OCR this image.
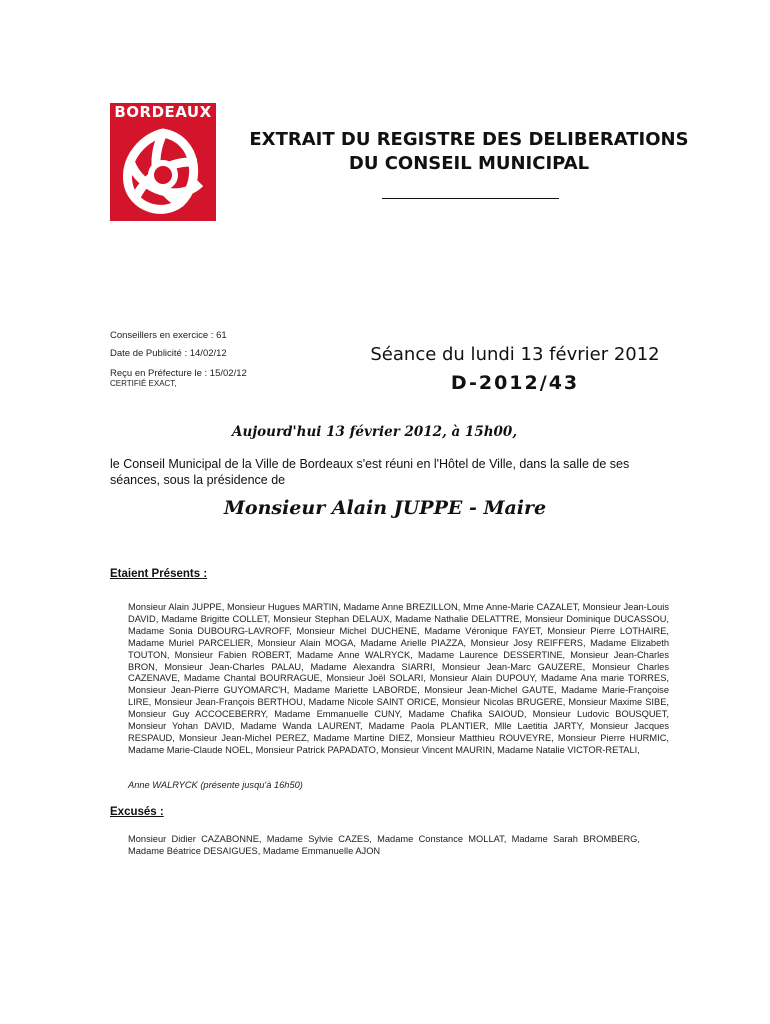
BORDEAUX
EXTRAIT DU REGISTRE DES DELIBERATIONS
DU CONSEIL MUNICIPAL
Conseillers en exercice : 61
Date de Publicité : 14/02/12
Reçu en Préfecture le : 15/02/12
CERTIFIÉ EXACT,
Séance du lundi 13 février 2012
D-2012/43
Aujourd'hui 13 février 2012, à 15h00,
le Conseil Municipal de la Ville de Bordeaux s'est réuni en l'Hôtel de Ville, dans la salle de ses séances, sous la présidence de
Monsieur Alain JUPPE - Maire
Etaient Présents :
Monsieur Alain JUPPE, Monsieur Hugues MARTIN, Madame Anne BREZILLON, Mme Anne-Marie CAZALET, Monsieur Jean-Louis DAVID, Madame Brigitte COLLET, Monsieur Stephan DELAUX, Madame Nathalie DELATTRE, Monsieur Dominique DUCASSOU, Madame Sonia DUBOURG-LAVROFF, Monsieur Michel DUCHENE, Madame Véronique FAYET, Monsieur Pierre LOTHAIRE, Madame Muriel PARCELIER, Monsieur Alain MOGA, Madame Arielle PIAZZA, Monsieur Josy REIFFERS, Madame Elizabeth TOUTON, Monsieur Fabien ROBERT, Madame Anne WALRYCK, Madame Laurence DESSERTINE, Monsieur Jean-Charles BRON, Monsieur Jean-Charles PALAU, Madame Alexandra SIARRI, Monsieur Jean-Marc GAUZERE, Monsieur Charles CAZENAVE, Madame Chantal BOURRAGUE, Monsieur Joël SOLARI, Monsieur Alain DUPOUY, Madame Ana marie TORRES, Monsieur Jean-Pierre GUYOMARC'H, Madame Mariette LABORDE, Monsieur Jean-Michel GAUTE, Madame Marie-Françoise LIRE, Monsieur Jean-François BERTHOU, Madame Nicole SAINT ORICE, Monsieur Nicolas BRUGERE, Monsieur Maxime SIBE, Monsieur Guy ACCOCEBERRY, Madame Emmanuelle CUNY, Madame Chafika SAIOUD, Monsieur Ludovic BOUSQUET, Monsieur Yohan DAVID, Madame Wanda LAURENT, Madame Paola PLANTIER, Mlle Laetitia JARTY, Monsieur Jacques RESPAUD, Monsieur Jean-Michel PEREZ, Madame Martine DIEZ, Monsieur Matthieu ROUVEYRE, Monsieur Pierre HURMIC, Madame Marie-Claude NOEL, Monsieur Patrick PAPADATO, Monsieur Vincent MAURIN, Madame Natalie VICTOR-RETALI,
Anne WALRYCK (présente jusqu'à 16h50)
Excusés :
Monsieur Didier CAZABONNE, Madame Sylvie CAZES, Madame Constance MOLLAT, Madame Sarah BROMBERG, Madame Béatrice DESAIGUES, Madame Emmanuelle AJON
